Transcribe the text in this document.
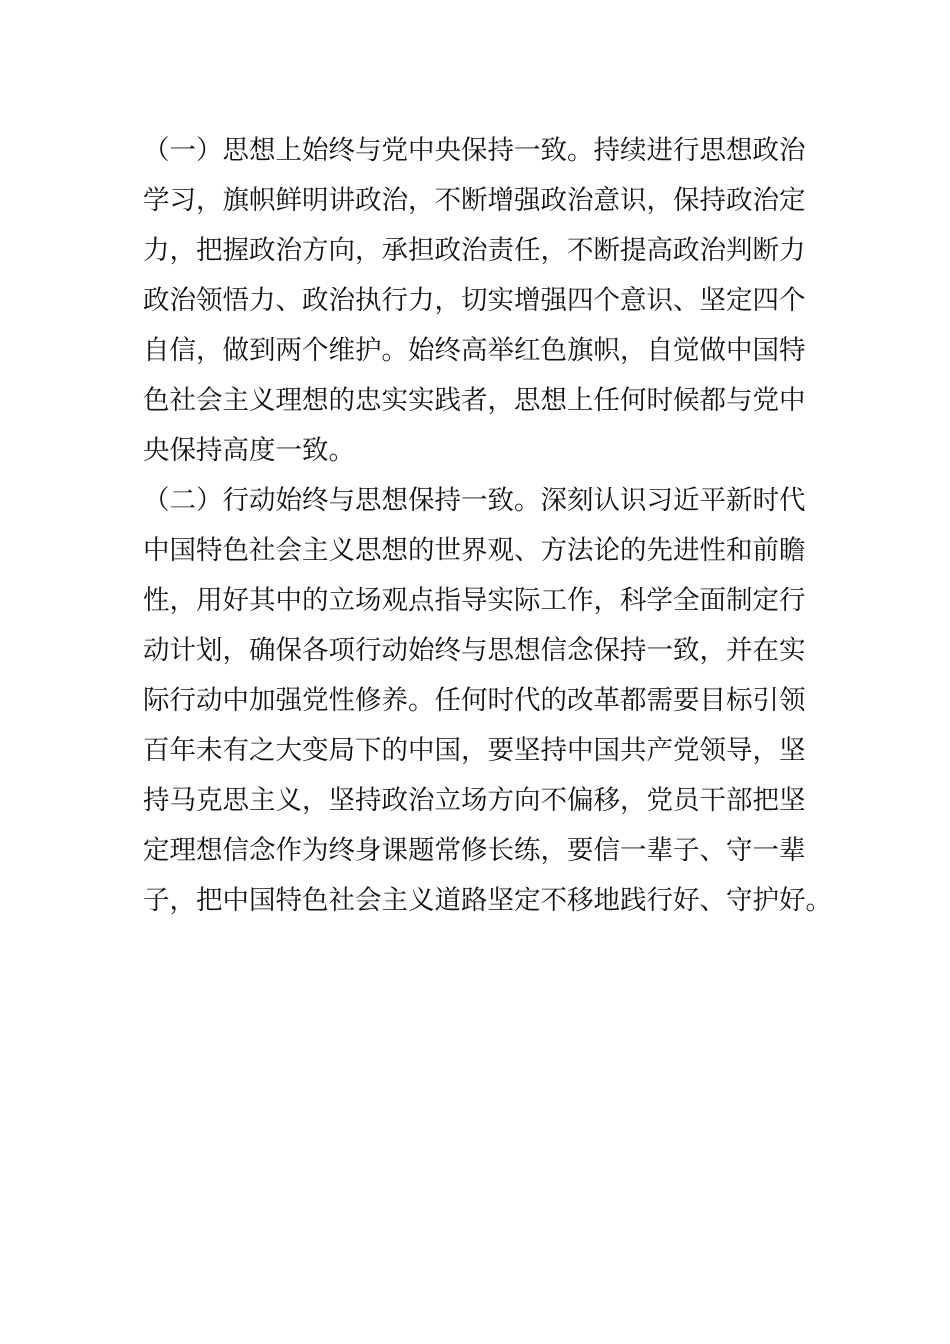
（一）思想上始终与党中央保持一致。持续进行思想政治
学习，旗帜鲜明讲政治，不断增强政治意识，保持政治定
力，把握政治方向，承担政治责任，不断提高政治判断力
政治领悟力、政治执行力，切实增强四个意识、坚定四个
自信，做到两个维护。始终高举红色旗帜，自觉做中国特
色社会主义理想的忠实实践者，思想上任何时候都与党中
央保持高度一致。
（二）行动始终与思想保持一致。深刻认识习近平新时代
中国特色社会主义思想的世界观、方法论的先进性和前瞻
性，用好其中的立场观点指导实际工作，科学全面制定行
动计划，确保各项行动始终与思想信念保持一致，并在实
际行动中加强党性修养。任何时代的改革都需要目标引领
百年未有之大变局下的中国，要坚持中国共产党领导，坚
持马克思主义，坚持政治立场方向不偏移，党员干部把坚
定理想信念作为终身课题常修长练，要信一辈子、守一辈
子，把中国特色社会主义道路坚定不移地践行好、守护好。
